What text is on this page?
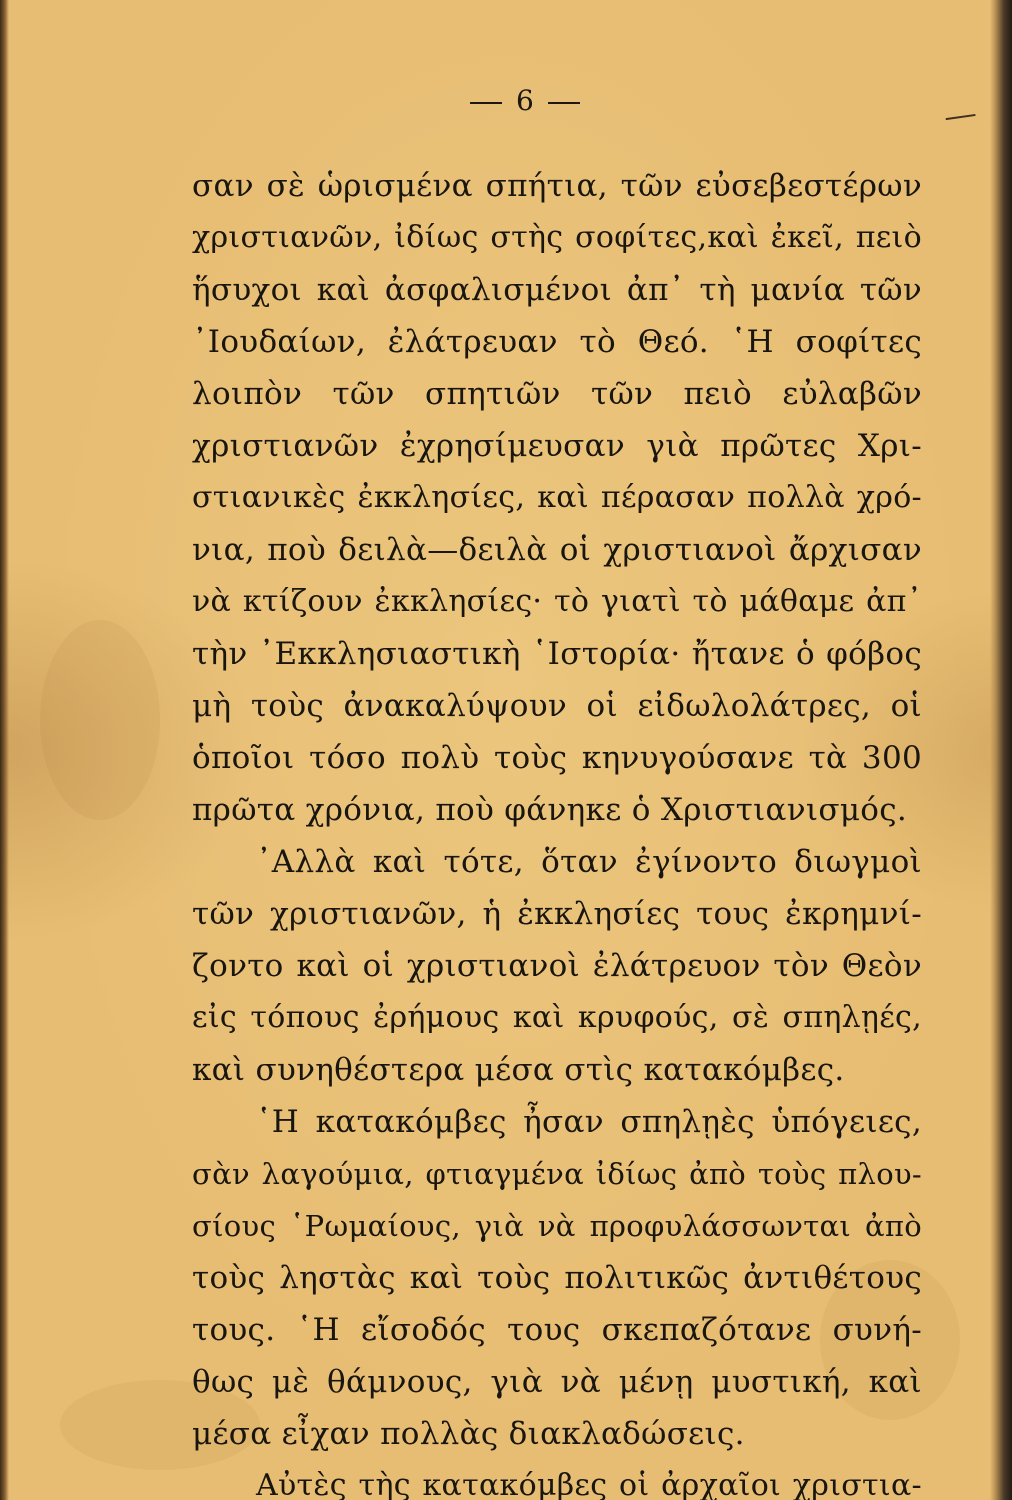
6
σαν σὲ ὡρισμένα σπήτια, τῶν εὐσεβεστέρων
χριστιανῶν, ἰδίως στὴς σοφίτες,καὶ ἐκεῖ, πειὸ
ἥσυχοι καὶ ἀσφαλισμένοι ἀπ᾿ τὴ μανία τῶν
᾿Ιουδαίων, ἐλάτρευαν τὸ Θεό. ῾Η σοφίτες
λοιπὸν τῶν σπητιῶν τῶν πειὸ εὐλαβῶν
χριστιανῶν ἐχρησίμευσαν γιὰ πρῶτες Χρι-
στιανικὲς ἐκκλησίες, καὶ πέρασαν πολλὰ χρό-
νια, ποὺ δειλὰ—δειλὰ οἱ χριστιανοὶ ἄρχισαν
νὰ κτίζουν ἐκκλησίες· τὸ γιατὶ τὸ μάθαμε ἀπ᾿
τὴν ᾿Εκκλησιαστικὴ ῾Ιστορία· ἤτανε ὁ φόβος
μὴ τοὺς ἀνακαλύψουν οἱ εἰδωλολάτρες, οἱ
ὁποῖοι τόσο πολὺ τοὺς κηνυγούσανε τὰ 300
πρῶτα χρόνια, ποὺ φάνηκε ὁ Χριστιανισμός.
᾿Αλλὰ καὶ τότε, ὅταν ἐγίνοντο διωγμοὶ
τῶν χριστιανῶν, ἡ ἐκκλησίες τους ἐκρημνί-
ζοντο καὶ οἱ χριστιανοὶ ἐλάτρευον τὸν Θεὸν
εἰς τόπους ἐρήμους καὶ κρυφούς, σὲ σπηλῃές,
καὶ συνηθέστερα μέσα στὶς κατακόμβες.
῾Η κατακόμβες ἦσαν σπηλῃὲς ὑπόγειες,
σὰν λαγούμια, φτιαγμένα ἰδίως ἀπὸ τοὺς πλου-
σίους ῾Ρωμαίους, γιὰ νὰ προφυλάσσωνται ἀπὸ
τοὺς ληστὰς καὶ τοὺς πολιτικῶς ἀντιθέτους
τους. ῾Η εἴσοδός τους σκεπαζότανε συνή-
θως μὲ θάμνους, γιὰ νὰ μένῃ μυστική, καὶ
μέσα εἶχαν πολλὰς διακλαδώσεις.
Αὐτὲς τὴς κατακόμβες οἱ ἀρχαῖοι χριστια-
